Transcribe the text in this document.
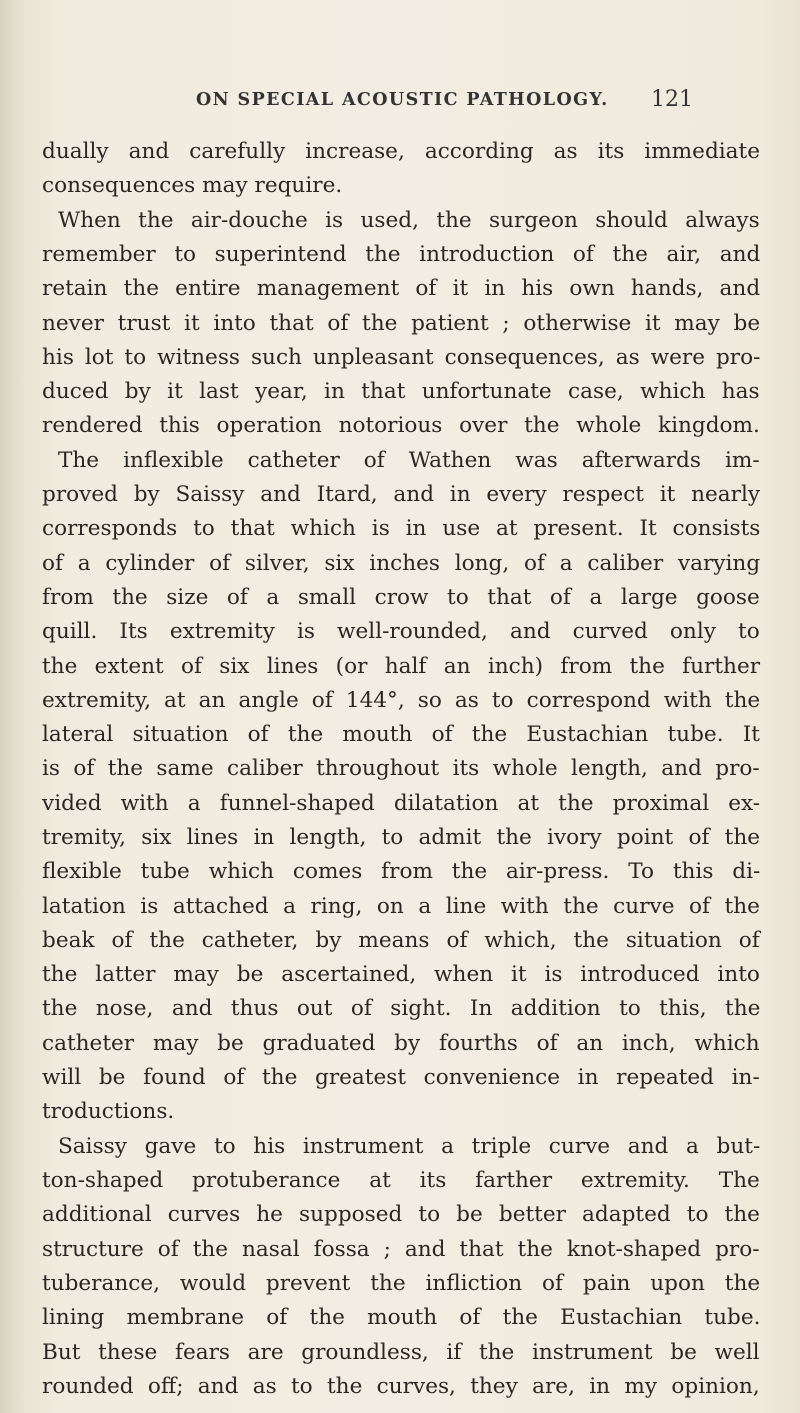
ON SPECIAL ACOUSTIC PATHOLOGY. 121
dually and carefully increase, according as its immediate
consequences may require.
When the air-douche is used, the surgeon should always
remember to superintend the introduction of the air, and
retain the entire management of it in his own hands, and
never trust it into that of the patient ; otherwise it may be
his lot to witness such unpleasant consequences, as were pro-
duced by it last year, in that unfortunate case, which has
rendered this operation notorious over the whole kingdom.
The inflexible catheter of Wathen was afterwards im-
proved by Saissy and Itard, and in every respect it nearly
corresponds to that which is in use at present. It consists
of a cylinder of silver, six inches long, of a caliber varying
from the size of a small crow to that of a large goose
quill. Its extremity is well-rounded, and curved only to
the extent of six lines (or half an inch) from the further
extremity, at an angle of 144°, so as to correspond with the
lateral situation of the mouth of the Eustachian tube. It
is of the same caliber throughout its whole length, and pro-
vided with a funnel-shaped dilatation at the proximal ex-
tremity, six lines in length, to admit the ivory point of the
flexible tube which comes from the air-press. To this di-
latation is attached a ring, on a line with the curve of the
beak of the catheter, by means of which, the situation of
the latter may be ascertained, when it is introduced into
the nose, and thus out of sight. In addition to this, the
catheter may be graduated by fourths of an inch, which
will be found of the greatest convenience in repeated in-
troductions.
Saissy gave to his instrument a triple curve and a but-
ton-shaped protuberance at its farther extremity. The
additional curves he supposed to be better adapted to the
structure of the nasal fossa ; and that the knot-shaped pro-
tuberance, would prevent the infliction of pain upon the
lining membrane of the mouth of the Eustachian tube.
But these fears are groundless, if the instrument be well
rounded off; and as to the curves, they are, in my opinion,
